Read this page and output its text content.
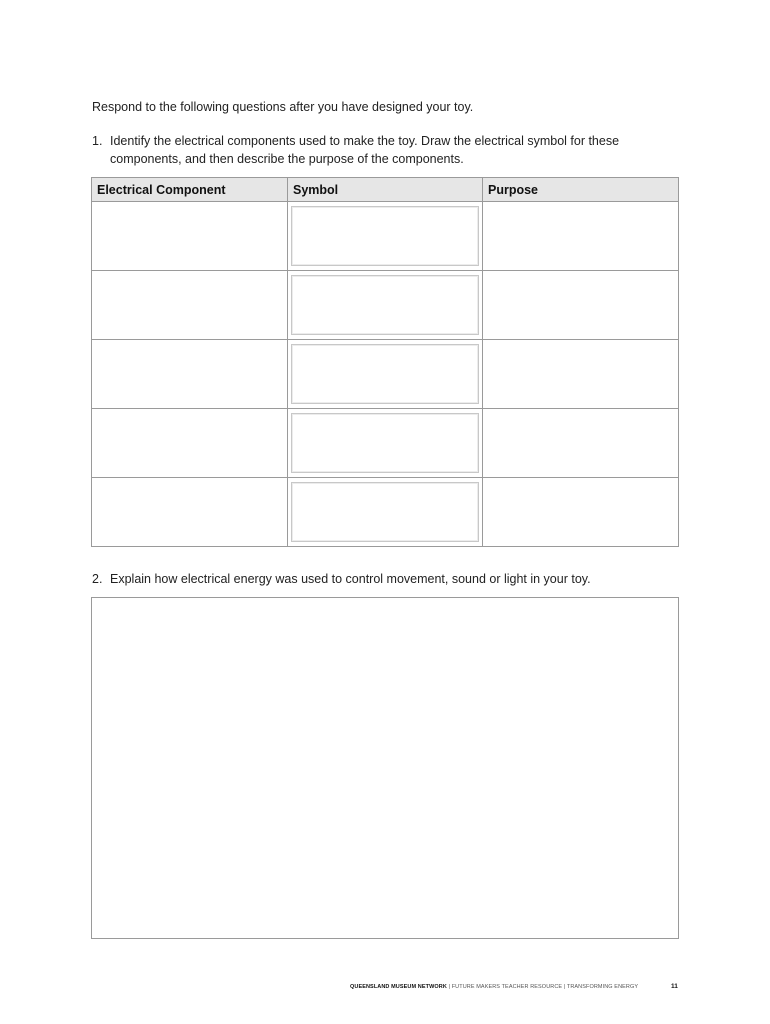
Respond to the following questions after you have designed your toy.
1. Identify the electrical components used to make the toy. Draw the electrical symbol for these components, and then describe the purpose of the components.
Electrical Component	Symbol	Purpose

2. Explain how electrical energy was used to control movement, sound or light in your toy.
QUEENSLAND MUSEUM NETWORK | FUTURE MAKERS TEACHER RESOURCE | TRANSFORMING ENERGY	11
